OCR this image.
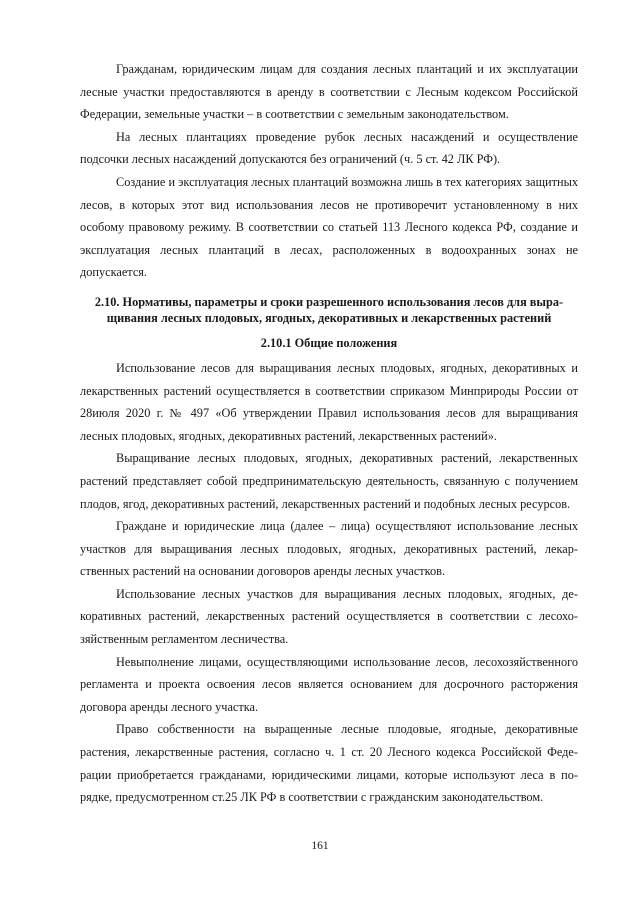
Гражданам, юридическим лицам для создания лесных плантаций и их эксплуатации лесные участки предоставляются в аренду в соответствии с Лесным кодексом Российской Федерации, земельные участки – в соответствии с земельным законодательством.

На лесных плантациях проведение рубок лесных насаждений и осуществление подсочки лесных насаждений допускаются без ограничений (ч. 5 ст. 42 ЛК РФ).

Создание и эксплуатация лесных плантаций возможна лишь в тех категориях защитных лесов, в которых этот вид использования лесов не противоречит установленному в них особому правовому режиму. В соответствии со статьей 113 Лесного кодекса РФ, создание и эксплуатация лесных плантаций в лесах, расположенных в водоохранных зонах не допускается.

2.10. Нормативы, параметры и сроки разрешенного использования лесов для выращивания лесных плодовых, ягодных, декоративных и лекарственных растений
2.10.1 Общие положения

Использование лесов для выращивания лесных плодовых, ягодных, декоративных и лекарственных растений осуществляется в соответствии сприказом Минприроды России от 28июля 2020 г. № 497 «Об утверждении Правил использования лесов для выращивания лесных плодовых, ягодных, декоративных растений, лекарственных растений».

Выращивание лесных плодовых, ягодных, декоративных растений, лекарственных растений представляет собой предпринимательскую деятельность, связанную с получением плодов, ягод, декоративных растений, лекарственных растений и подобных лесных ресурсов.

Граждане и юридические лица (далее – лица) осуществляют использование лесных участков для выращивания лесных плодовых, ягодных, декоративных растений, лекарственных растений на основании договоров аренды лесных участков.

Использование лесных участков для выращивания лесных плодовых, ягодных, декоративных растений, лекарственных растений осуществляется в соответствии с лесохозяйственным регламентом лесничества.

Невыполнение лицами, осуществляющими использование лесов, лесохозяйственного регламента и проекта освоения лесов является основанием для досрочного расторжения договора аренды лесного участка.

Право собственности на выращенные лесные плодовые, ягодные, декоративные растения, лекарственные растения, согласно ч. 1 ст. 20 Лесного кодекса Российской Федерации приобретается гражданами, юридическими лицами, которые используют леса в порядке, предусмотренном ст.25 ЛК РФ в соответствии с гражданским законодательством.

161
